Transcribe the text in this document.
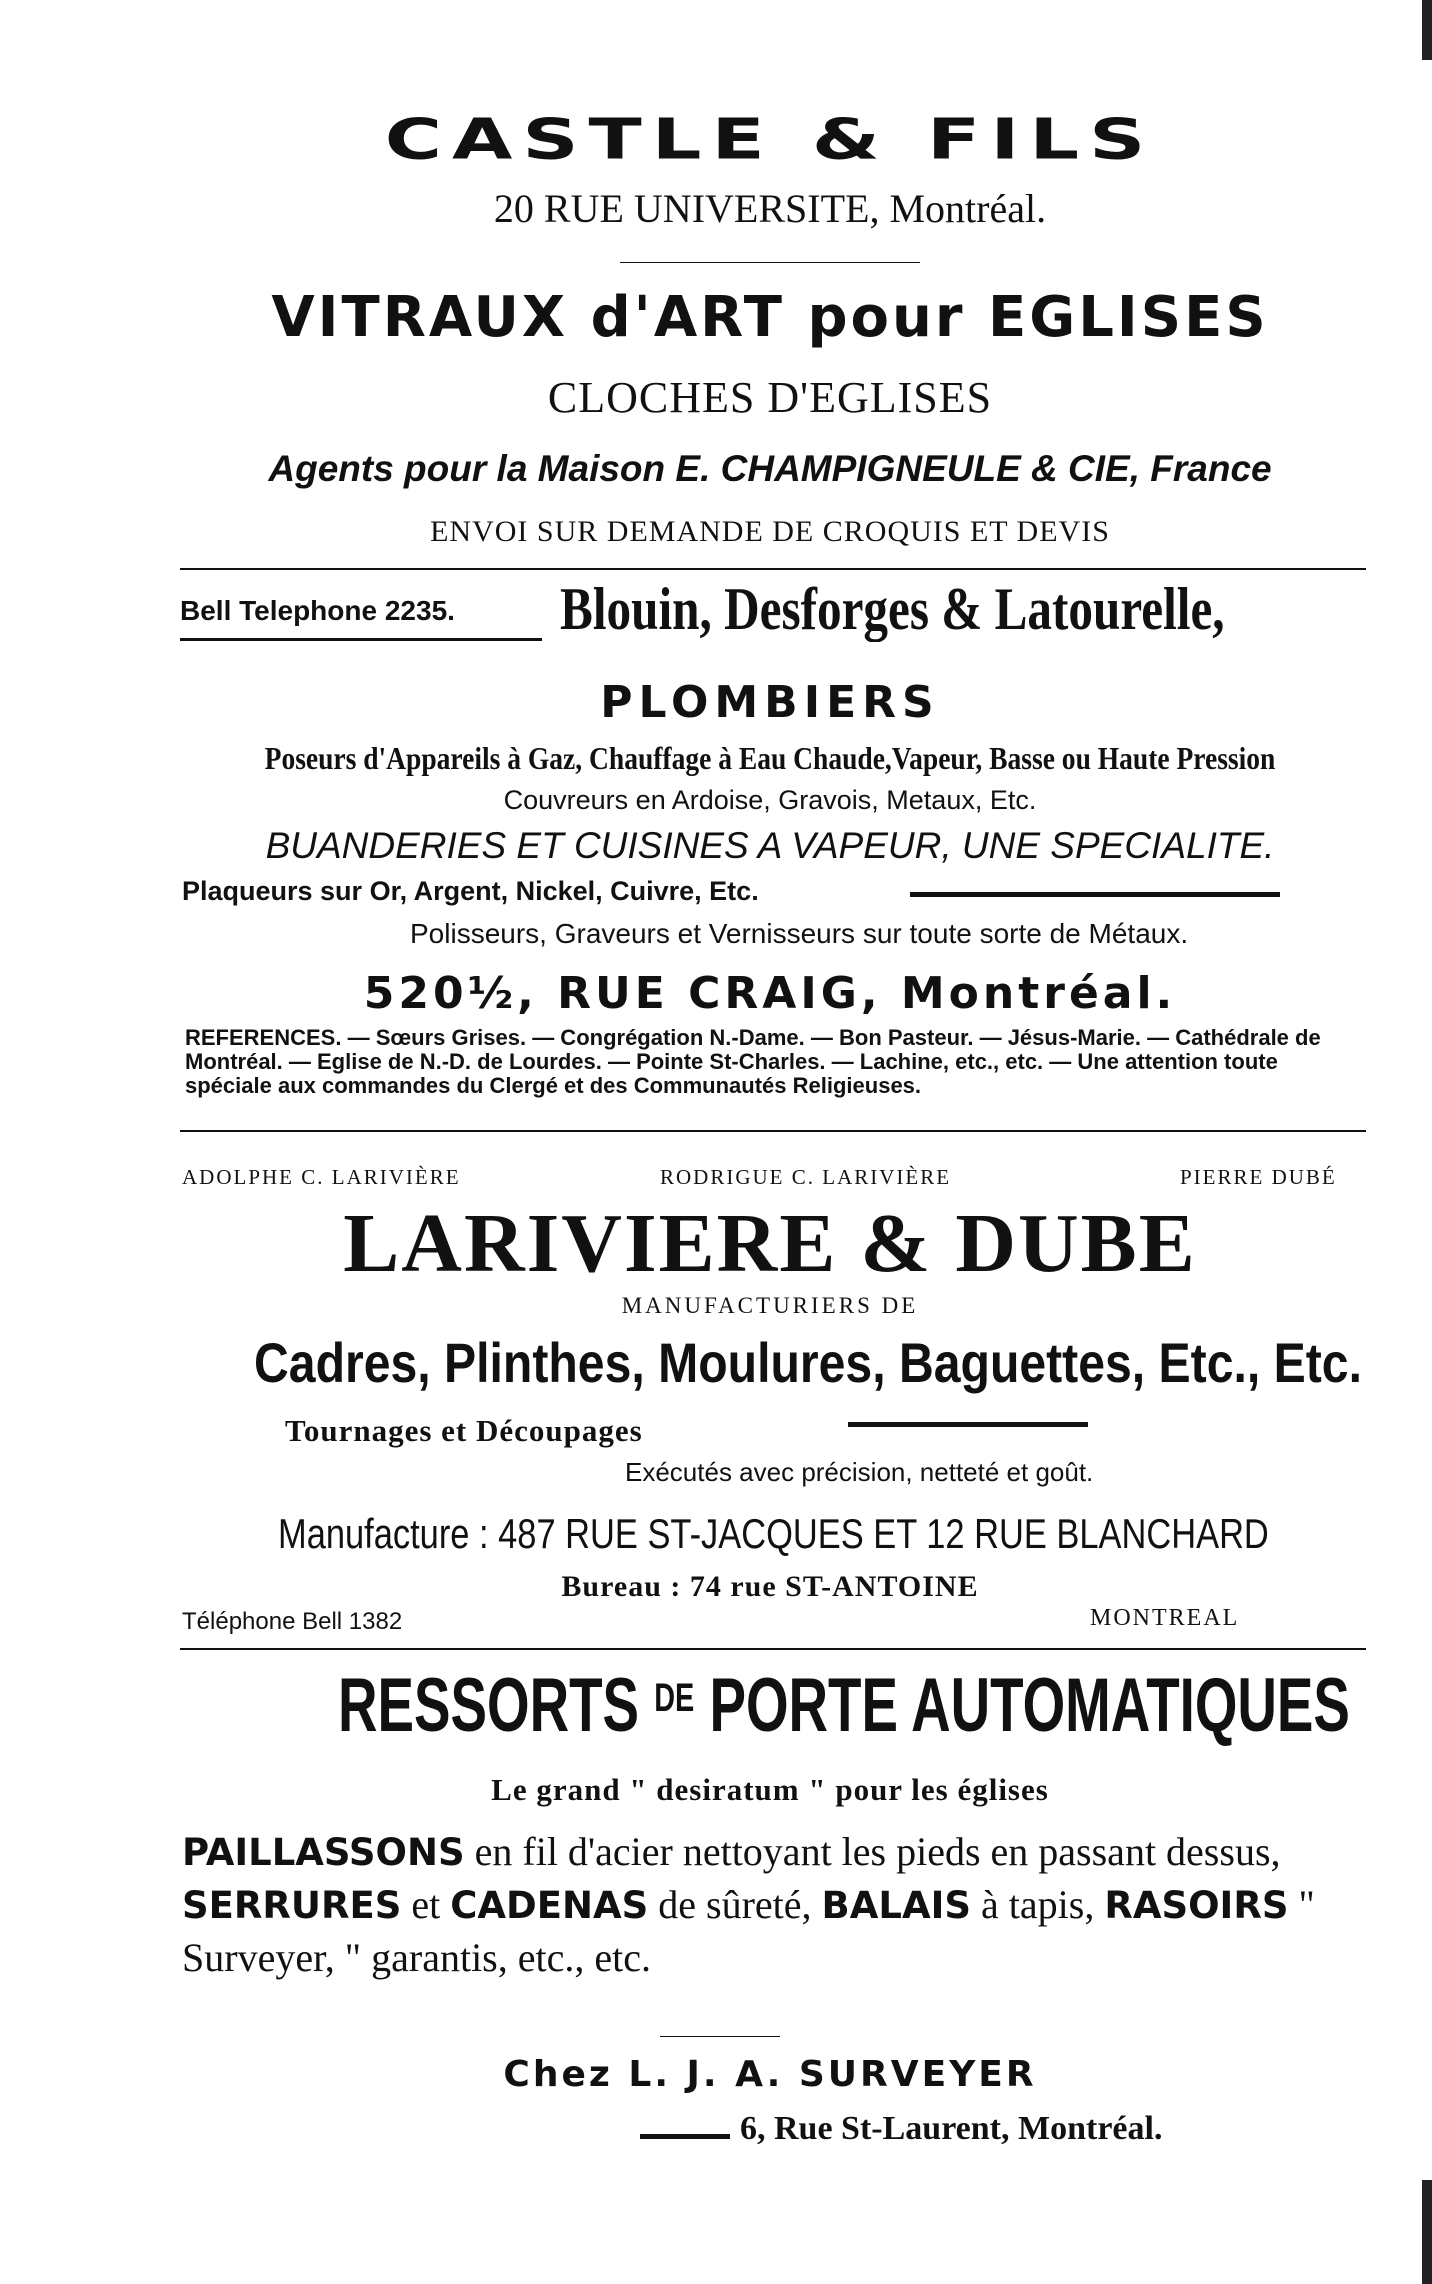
CASTLE & FILS
20 RUE UNIVERSITE, Montréal.
VITRAUX d'ART pour EGLISES
CLOCHES D'EGLISES
Agents pour la Maison E. CHAMPIGNEULE & CIE, France
ENVOI SUR DEMANDE DE CROQUIS ET DEVIS
Bell Telephone 2235. Blouin, Desforges & Latourelle,
PLOMBIERS
Poseurs d'Appareils à Gaz, Chauffage à Eau Chaude,Vapeur, Basse ou Haute Pression
Couvreurs en Ardoise, Gravois, Metaux, Etc.
BUANDERIES ET CUISINES A VAPEUR, UNE SPECIALITE.
Plaqueurs sur Or, Argent, Nickel, Cuivre, Etc.
Polisseurs, Graveurs et Vernisseurs sur toute sorte de Métaux.
520½, RUE CRAIG, Montréal.
REFERENCES. — Sœurs Grises. — Congrégation N.-Dame. — Bon Pasteur. — Jésus-Marie. — Cathédrale de Montréal. — Eglise de N.-D. de Lourdes. — Pointe St-Charles. — Lachine, etc., etc. — Une attention toute spéciale aux commandes du Clergé et des Communautés Religieuses.
ADOLPHE C. LARIVIÈRE	RODRIGUE C. LARIVIÈRE	PIERRE DUBÉ
LARIVIERE & DUBE
MANUFACTURIERS DE
Cadres, Plinthes, Moulures, Baguettes, Etc., Etc.
Tournages et Découpages
Exécutés avec précision, netteté et goût.
Manufacture : 487 RUE ST-JACQUES ET 12 RUE BLANCHARD
Bureau : 74 rue ST-ANTOINE
Téléphone Bell 1382	MONTREAL
RESSORTS $^{DE}$ PORTE AUTOMATIQUES
Le grand " desiratum " pour les églises
PAILLASSONS en fil d'acier nettoyant les pieds en passant dessus, SERRURES et CADENAS de sûreté, BALAIS à tapis, RASOIRS " Surveyer, " garantis, etc., etc.
Chez L. J. A. SURVEYER
6, Rue St-Laurent, Montréal.
